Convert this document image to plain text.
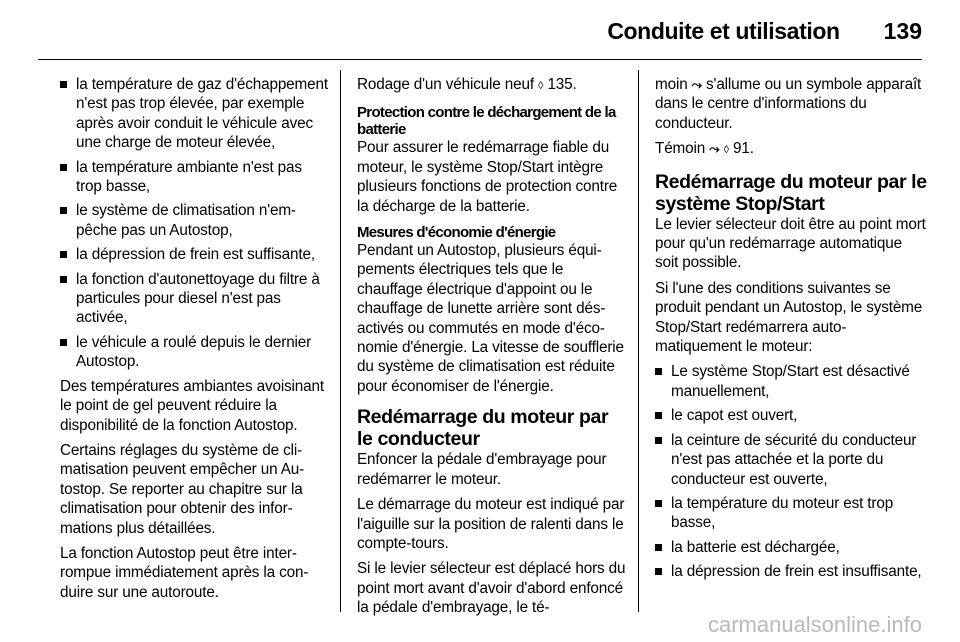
Conduite et utilisation 139
la température de gaz d'échappement n'est pas trop élevée, par exemple après avoir conduit le véhicule avec une charge de moteur élevée,
la température ambiante n'est pas trop basse,
le système de climatisation n'empêche pas un Autostop,
la dépression de frein est suffisante,
la fonction d'autonettoyage du filtre à particules pour diesel n'est pas activée,
le véhicule a roulé depuis le dernier Autostop.

Des températures ambiantes avoisinant le point de gel peuvent réduire la disponibilité de la fonction Autostop.

Certains réglages du système de climatisation peuvent empêcher un Autostop. Se reporter au chapitre sur la climatisation pour obtenir des informations plus détaillées.

La fonction Autostop peut être interrompue immédiatement après la conduire sur une autoroute.

Rodage d'un véhicule neuf ◊ 135.

Protection contre le déchargement de la batterie

Pour assurer le redémarrage fiable du moteur, le système Stop/Start intègre plusieurs fonctions de protection contre la décharge de la batterie.

Mesures d'économie d'énergie

Pendant un Autostop, plusieurs équipements électriques tels que le chauffage électrique d'appoint ou le chauffage de lunette arrière sont désactivés ou commutés en mode d'économie d'énergie. La vitesse de soufflerie du système de climatisation est réduite pour économiser de l'énergie.

Redémarrage du moteur par le conducteur

Enfoncer la pédale d'embrayage pour redémarrer le moteur.

Le démarrage du moteur est indiqué par l'aiguille sur la position de ralenti dans le compte-tours.

Si le levier sélecteur est déplacé hors du point mort avant d'avoir d'abord enfoncé la pédale d'embrayage, le té-

moin ⤳ s'allume ou un symbole apparaît dans le centre d'informations du conducteur.

Témoin ⤳ ◊ 91.

Redémarrage du moteur par le système Stop/Start

Le levier sélecteur doit être au point mort pour qu'un redémarrage automatique soit possible.

Si l'une des conditions suivantes se produit pendant un Autostop, le système Stop/Start redémarrera automatiquement le moteur:

Le système Stop/Start est désactivé manuellement,
le capot est ouvert,
la ceinture de sécurité du conducteur n'est pas attachée et la porte du conducteur est ouverte,
la température du moteur est trop basse,
la batterie est déchargée,
la dépression de frein est insuffisante,
carmanualsonline.info
